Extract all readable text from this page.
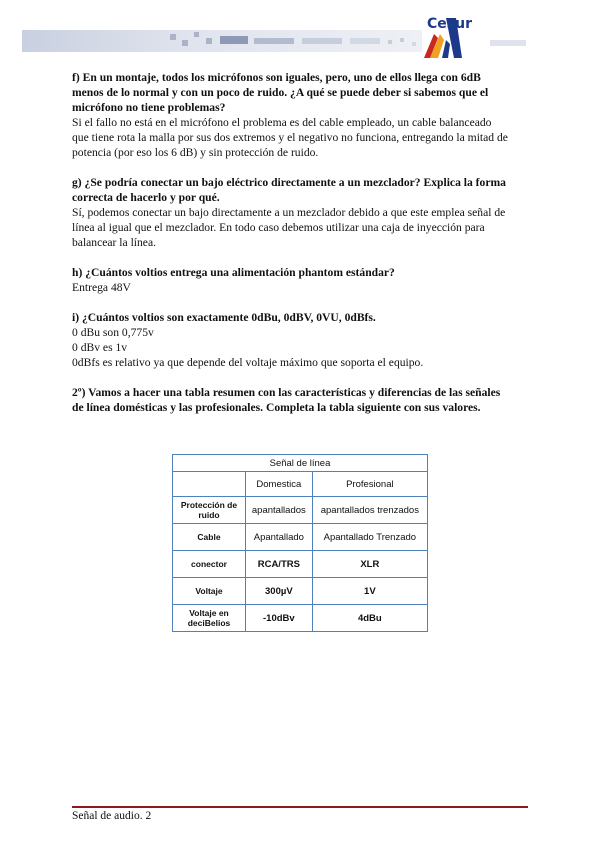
Cesur

f) En un montaje, todos los micrófonos son iguales, pero, uno de ellos llega con 6dB
menos de lo normal y con un poco de ruido. ¿A qué se puede deber si sabemos que el
micrófono no tiene problemas?

Si el fallo no está en el micrófono el problema es del cable empleado, un cable balanceado
que tiene rota la malla por sus dos extremos y el negativo no funciona, entregando la mitad de
potencia (por eso los 6 dB) y sin protección de ruido.

g) ¿Se podría conectar un bajo eléctrico directamente a un mezclador? Explica la forma
correcta de hacerlo y por qué.

Sí, podemos conectar un bajo directamente a un mezclador debido a que este emplea señal de
línea al igual que el mezclador. En todo caso debemos utilizar una caja de inyección para
balancear la línea.

h) ¿Cuántos voltios entrega una alimentación phantom estándar?

Entrega 48V

i) ¿Cuántos voltios son exactamente 0dBu, 0dBV, 0VU, 0dBfs.

0 dBu son 0,775v
0 dBv es 1v
0dBfs es relativo ya que depende del voltaje máximo que soporta el equipo.

2º) Vamos a hacer una tabla resumen con las características y diferencias de las señales
de línea domésticas y las profesionales. Completa la tabla siguiente con sus valores.

Señal de línea		
	Domestica	Profesional
Protección de ruido	apantallados	apantallados trenzados
Cable	Apantallado	Apantallado Trenzado
conector	RCA/TRS	XLR
Voltaje	300µV	1V
Voltaje en deciBelios	-10dBv	4dBu
Señal de audio. 2
